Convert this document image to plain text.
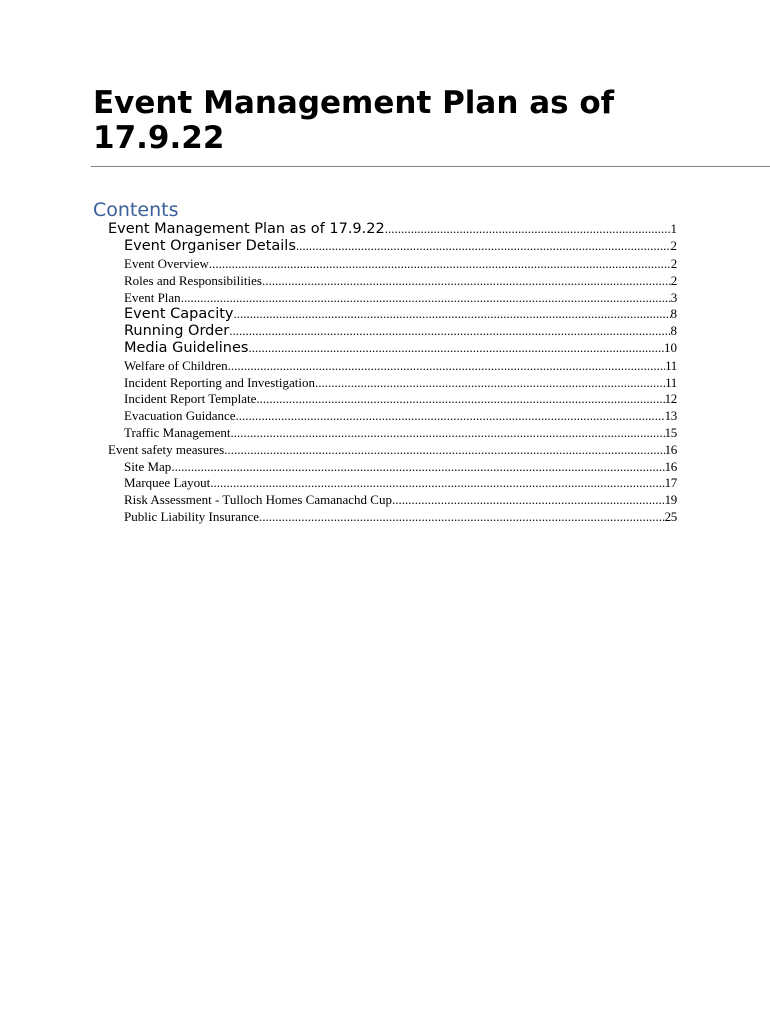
Event Management Plan as of 17.9.22
Contents
Event Management Plan as of 17.9.22 .....	1
Event Organiser Details .....	2
Event Overview .....	2
Roles and Responsibilities .....	2
Event Plan .....	3
Event Capacity .....	8
Running Order .....	8
Media Guidelines .....	10
Welfare of Children .....	11
Incident Reporting and Investigation .....	11
Incident Report Template .....	12
Evacuation Guidance .....	13
Traffic Management .....	15
Event safety measures .....	16
Site Map .....	16
Marquee Layout .....	17
Risk Assessment - Tulloch Homes Camanachd Cup .....	19
Public Liability Insurance .....	25
